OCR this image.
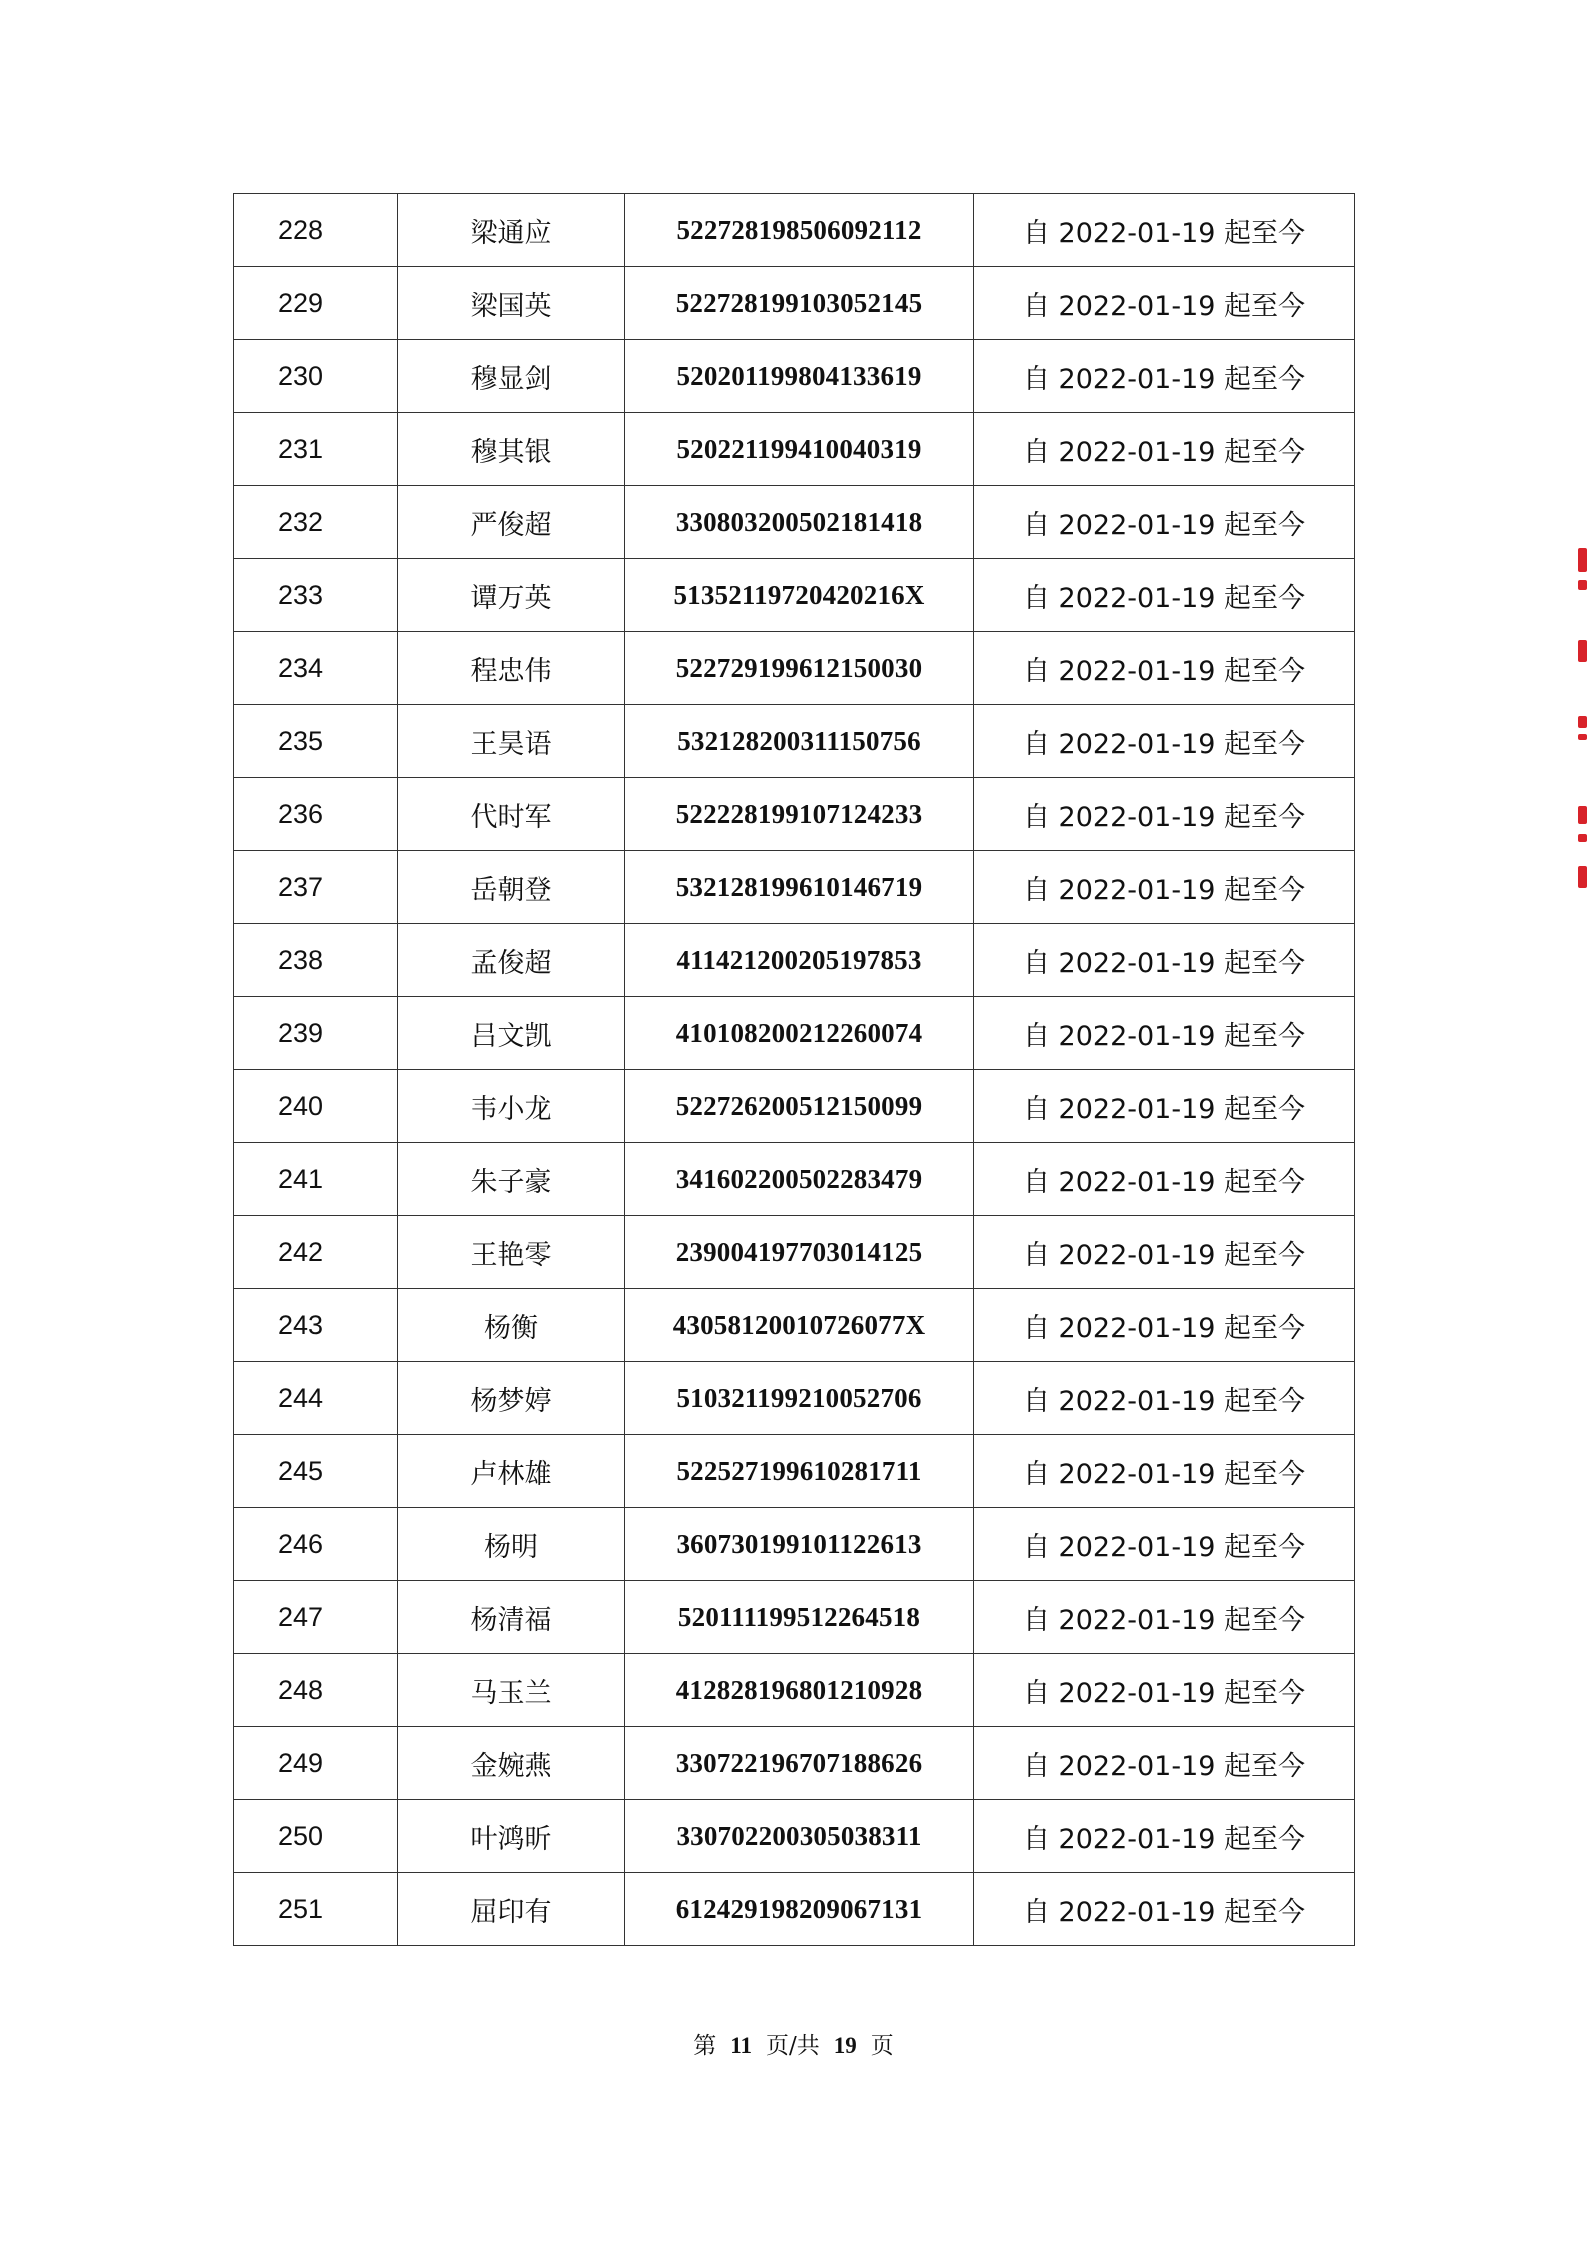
228	梁通应	522728198506092112	自 2022-01-19 起至今
229	梁国英	522728199103052145	自 2022-01-19 起至今
230	穆显剑	520201199804133619	自 2022-01-19 起至今
231	穆其银	520221199410040319	自 2022-01-19 起至今
232	严俊超	330803200502181418	自 2022-01-19 起至今
233	谭万英	51352119720420216X	自 2022-01-19 起至今
234	程忠伟	522729199612150030	自 2022-01-19 起至今
235	王昊语	532128200311150756	自 2022-01-19 起至今
236	代时军	522228199107124233	自 2022-01-19 起至今
237	岳朝登	532128199610146719	自 2022-01-19 起至今
238	孟俊超	411421200205197853	自 2022-01-19 起至今
239	吕文凯	410108200212260074	自 2022-01-19 起至今
240	韦小龙	522726200512150099	自 2022-01-19 起至今
241	朱子豪	341602200502283479	自 2022-01-19 起至今
242	王艳零	239004197703014125	自 2022-01-19 起至今
243	杨衡	43058120010726077X	自 2022-01-19 起至今
244	杨梦婷	510321199210052706	自 2022-01-19 起至今
245	卢林雄	522527199610281711	自 2022-01-19 起至今
246	杨明	360730199101122613	自 2022-01-19 起至今
247	杨清福	520111199512264518	自 2022-01-19 起至今
248	马玉兰	412828196801210928	自 2022-01-19 起至今
249	金婉燕	330722196707188626	自 2022-01-19 起至今
250	叶鸿昕	330702200305038311	自 2022-01-19 起至今
251	屈印有	612429198209067131	自 2022-01-19 起至今
第 11 页/共 19 页
